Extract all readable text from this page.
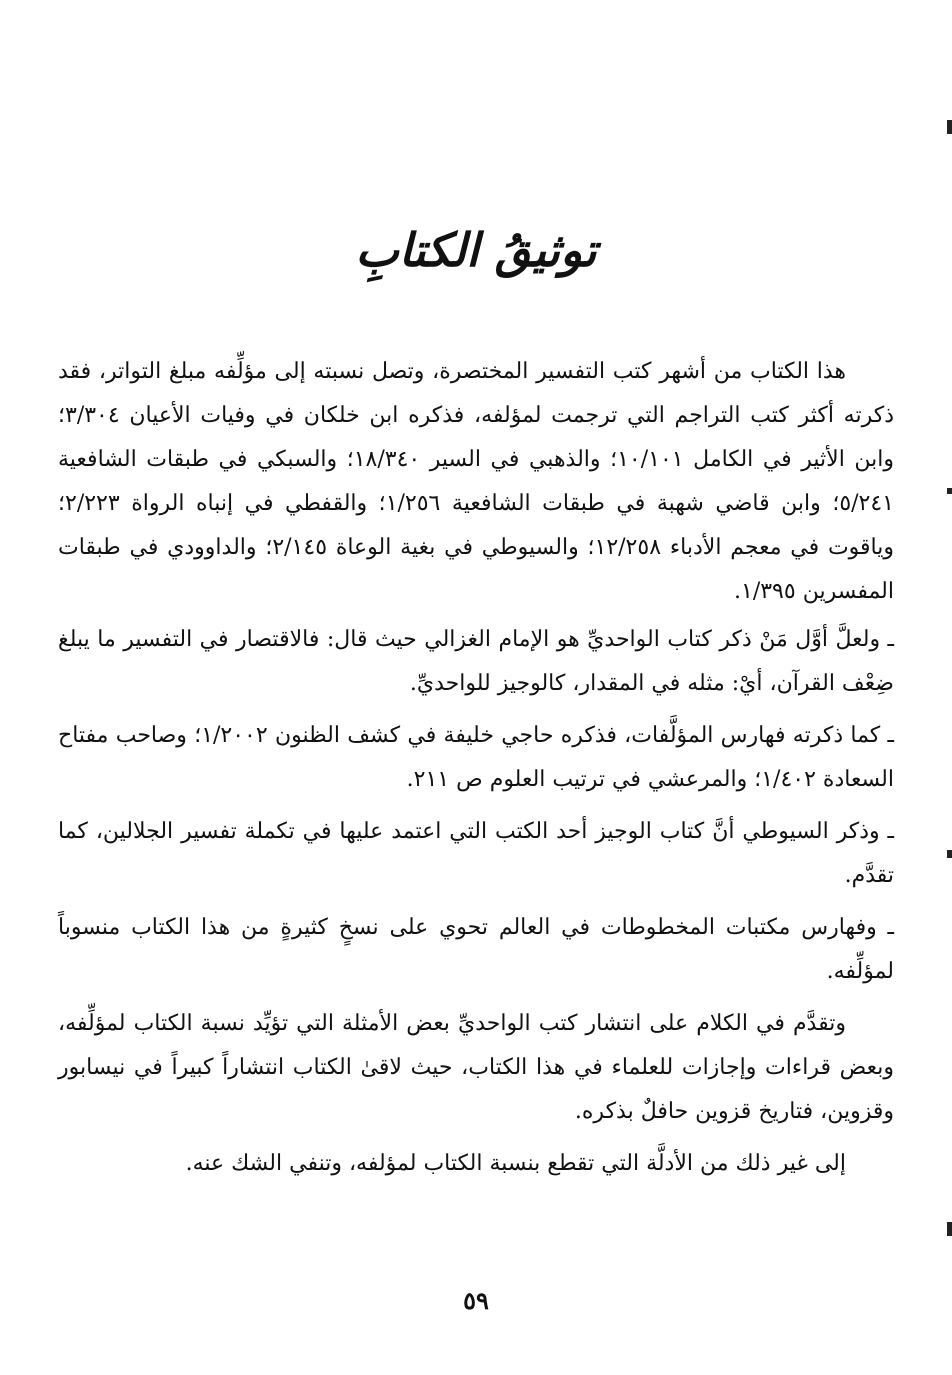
توثيقُ الكتابِ

هذا الكتاب من أشهر كتب التفسير المختصرة، وتصل نسبته إلى مؤلِّفه مبلغ التواتر، فقد ذكرته أكثر كتب التراجم التي ترجمت لمؤلفه، فذكره ابن خلكان في وفيات الأعيان ٣/٣٠٤؛ وابن الأثير في الكامل ١٠/١٠١؛ والذهبي في السير ١٨/٣٤٠؛ والسبكي في طبقات الشافعية ٥/٢٤١؛ وابن قاضي شهبة في طبقات الشافعية ١/٢٥٦؛ والقفطي في إنباه الرواة ٢/٢٢٣؛ وياقوت في معجم الأدباء ١٢/٢٥٨؛ والسيوطي في بغية الوعاة ٢/١٤٥؛ والداوودي في طبقات المفسرين ١/٣٩٥.

ـ ولعلَّ أوَّل مَنْ ذكر كتاب الواحديِّ هو الإمام الغزالي حيث قال: فالاقتصار في التفسير ما يبلغ ضِعْف القرآن، أيْ: مثله في المقدار، كالوجيز للواحديِّ.

ـ كما ذكرته فهارس المؤلَّفات، فذكره حاجي خليفة في كشف الظنون ١/٢٠٠٢؛ وصاحب مفتاح السعادة ١/٤٠٢؛ والمرعشي في ترتيب العلوم ص ٢١١.

ـ وذكر السيوطي أنَّ كتاب الوجيز أحد الكتب التي اعتمد عليها في تكملة تفسير الجلالين، كما تقدَّم.

ـ وفهارس مكتبات المخطوطات في العالم تحوي على نسخٍ كثيرةٍ من هذا الكتاب منسوباً لمؤلِّفه.

وتقدَّم في الكلام على انتشار كتب الواحديِّ بعض الأمثلة التي تؤيِّد نسبة الكتاب لمؤلِّفه، وبعض قراءات وإجازات للعلماء في هذا الكتاب، حيث لاقىٰ الكتاب انتشاراً كبيراً في نيسابور وقزوين، فتاريخ قزوين حافلٌ بذكره.

إلى غير ذلك من الأدلَّة التي تقطع بنسبة الكتاب لمؤلفه، وتنفي الشك عنه.

٥٩
